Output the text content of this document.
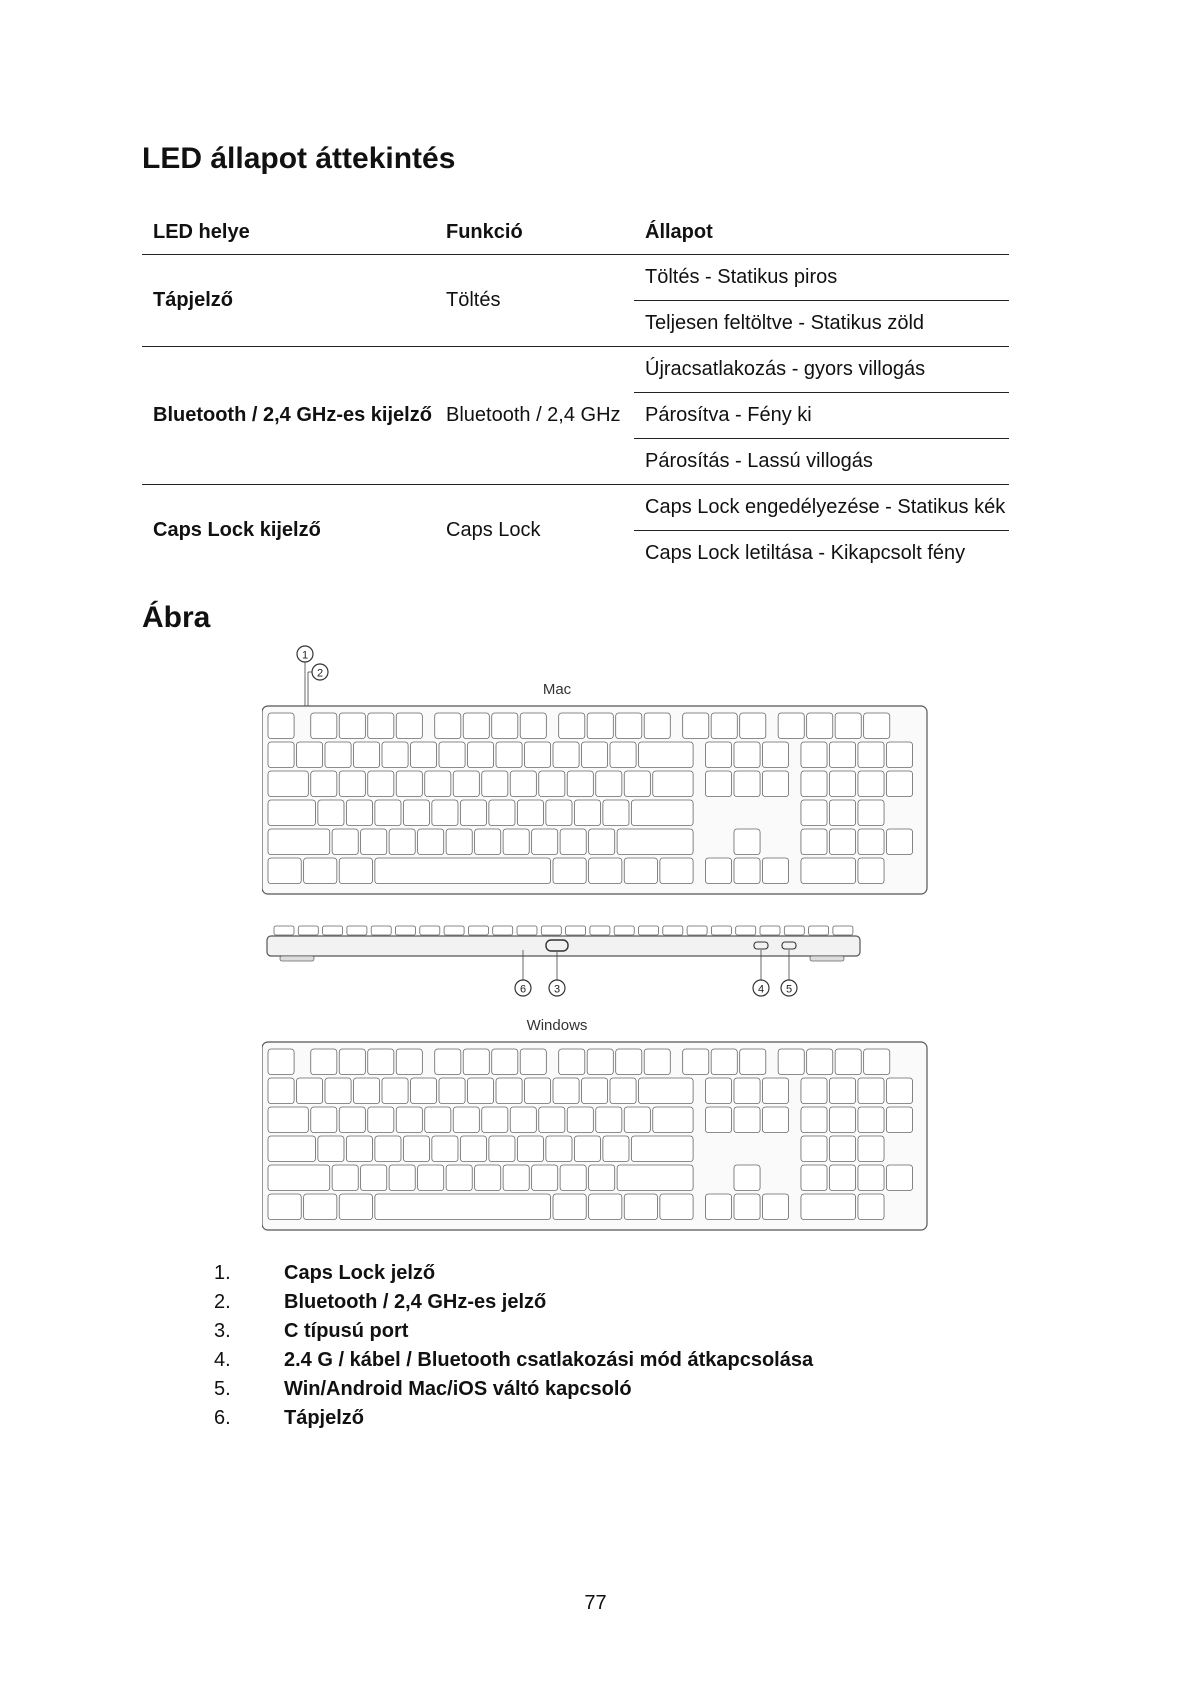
LED állapot áttekintés
LED helye	Funkció	Állapot
Tápjelző	Töltés	Töltés - Statikus piros
		Teljesen feltöltve - Statikus zöld
Bluetooth / 2,4 GHz-es kijelző	Bluetooth / 2,4 GHz	Újracsatlakozás - gyors villogás
		Párosítva - Fény ki
		Párosítás - Lassú villogás
Caps Lock kijelző	Caps Lock	Caps Lock engedélyezése - Statikus kék
		Caps Lock letiltása - Kikapcsolt fény
Ábra
1
2
Mac
6	3	4 5
Windows
1.	Caps Lock jelző
2.	Bluetooth / 2,4 GHz-es jelző
3.	C típusú port
4.	2.4 G / kábel / Bluetooth csatlakozási mód átkapcsolása
5.	Win/Android Mac/iOS váltó kapcsoló
6.	Tápjelző
77
